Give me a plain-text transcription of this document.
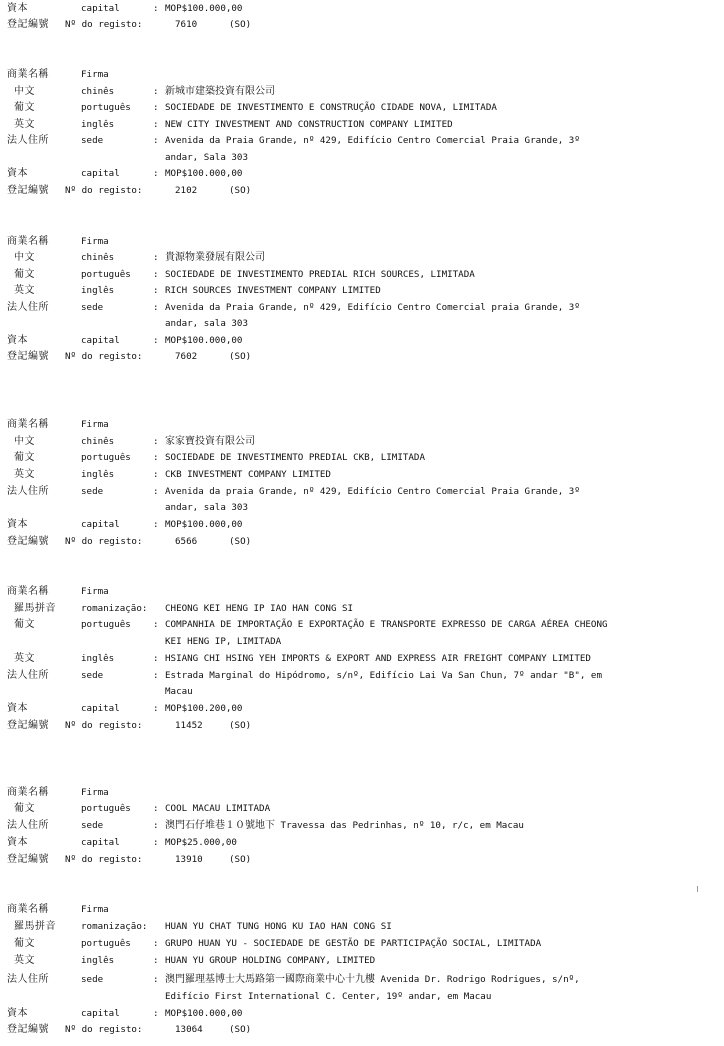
資本	capital	: MOP$100.000,00
登記編號 Nº do registo:	7610	(SO)
商業名稱	Firma
中文	chinês	: 新城市建築投資有限公司
葡文	português : SOCIEDADE DE INVESTIMENTO E CONSTRUÇÃO CIDADE NOVA, LIMITADA
英文	inglês	: NEW CITY INVESTMENT AND CONSTRUCTION COMPANY LIMITED
法人住所	sede	: Avenida da Praia Grande, nº 429, Edifício Centro Comercial Praia Grande, 3º
andar, Sala 303
資本	capital	: MOP$100.000,00
登記編號 Nº do registo:	2102	(SO)
商業名稱	Firma
中文	chinês	: 貴源物業發展有限公司
葡文	português : SOCIEDADE DE INVESTIMENTO PREDIAL RICH SOURCES, LIMITADA
英文	inglês	: RICH SOURCES INVESTMENT COMPANY LIMITED
法人住所	sede	: Avenida da Praia Grande, nº 429, Edifício Centro Comercial praia Grande, 3º
andar, sala 303
資本	capital	: MOP$100.000,00
登記編號 Nº do registo:	7602	(SO)
商業名稱	Firma
中文	chinês	: 家家寶投資有限公司
葡文	português : SOCIEDADE DE INVESTIMENTO PREDIAL CKB, LIMITADA
英文	inglês	: CKB INVESTMENT COMPANY LIMITED
法人住所	sede	: Avenida da praia Grande, nº 429, Edifício Centro Comercial Praia Grande, 3º
andar, sala 303
資本	capital	: MOP$100.000,00
登記編號 Nº do registo:	6566	(SO)
商業名稱	Firma
羅馬拼音	romanização: CHEONG KEI HENG IP IAO HAN CONG SI
葡文	português : COMPANHIA DE IMPORTAÇÃO E EXPORTAÇÃO E TRANSPORTE EXPRESSO DE CARGA AÉREA CHEONG
KEI HENG IP, LIMITADA
英文	inglês	: HSIANG CHI HSING YEH IMPORTS & EXPORT AND EXPRESS AIR FREIGHT COMPANY LIMITED
法人住所	sede	: Estrada Marginal do Hipódromo, s/nº, Edifício Lai Va San Chun, 7º andar "B", em
Macau
資本	capital	: MOP$100.200,00
登記編號 Nº do registo:	11452	(SO)
商業名稱	Firma
葡文	português : COOL MACAU LIMITADA
法人住所	sede	: 澳門石仔堆巷１０號地下 Travessa das Pedrinhas, nº 10, r/c, em Macau
資本	capital	: MOP$25.000,00
登記編號 Nº do registo:	13910	(SO)
商業名稱	Firma
羅馬拼音	romanização: HUAN YU CHAT TUNG HONG KU IAO HAN CONG SI
葡文	português : GRUPO HUAN YU - SOCIEDADE DE GESTÃO DE PARTICIPAÇÃO SOCIAL, LIMITADA
英文	inglês	: HUAN YU GROUP HOLDING COMPANY, LIMITED
法人住所	sede	: 澳門羅理基博士大馬路第一國際商業中心十九樓 Avenida Dr. Rodrigo Rodrigues, s/nº,
Edifício First International C. Center, 19º andar, em Macau
資本	capital	: MOP$100.000,00
登記編號 Nº do registo:	13064	(SO)
